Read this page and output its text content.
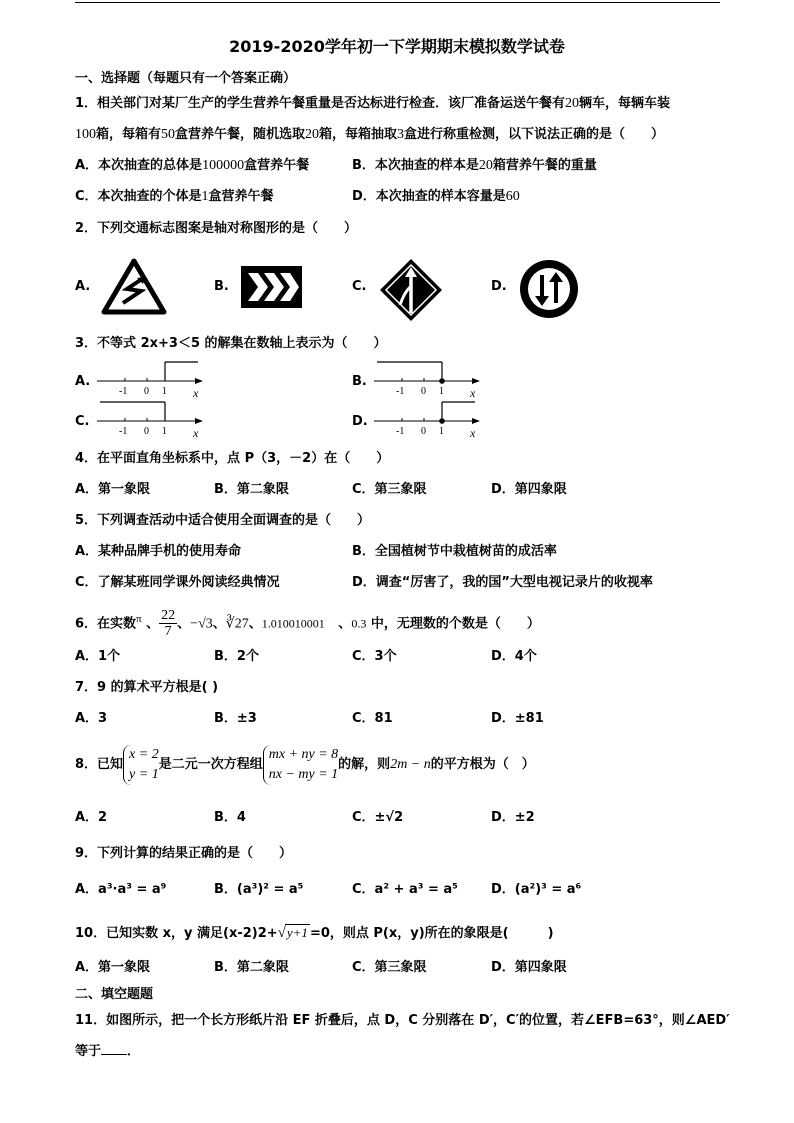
2019-2020学年初一下学期期末模拟数学试卷
一、选择题（每题只有一个答案正确）
1．相关部门对某厂生产的学生营养午餐重量是否达标进行检查．该厂准备运送午餐有20辆车，每辆车装
100箱，每箱有50盒营养午餐，随机选取20箱，每箱抽取3盒进行称重检测，以下说法正确的是（　　）
A．本次抽查的总体是100000盒营养午餐	B．本次抽查的样本是20箱营养午餐的重量
C．本次抽查的个体是1盒营养午餐	D．本次抽查的样本容量是60
2．下列交通标志图案是轴对称图形的是（　　）
A.	B.	C.	D.
3．不等式 2x+3＜5 的解集在数轴上表示为（　　）
A.
-1 0 1 x
B.
-1 0 1 x
C.
-1 0 1 x
D.
-1 0 1 x
4．在平面直角坐标系中，点 P（3，－2）在（　　）
A．第一象限	B．第二象限	C．第三象限	D．第四象限
5．下列调查活动中适合使用全面调查的是（　　）
A．某种品牌手机的使用寿命	B．全国植树节中栽植树苗的成活率
C．了解某班同学课外阅读经典情况	D．调查“厉害了，我的国”大型电视记录片的收视率
6．在实数$^\pi$ 、 $\frac{22}{7}$ 、−√3、∛27、1.010010001 、0.3 中，无理数的个数是（　　）
A．1个	B．2个	C．3个	D．4个
7．9 的算术平方根是( )
A．3	B．±3	C．81	D．±81
8．已知
x = 2
y = 1
是二元一次方程组
mx + ny = 8
nx − my = 1
的解，则2m − n的平方根为（　）
A．2	B．4	C．±√2	D．±2
9．下列计算的结果正确的是（　　）
A．a³·a³ = a⁹	B．(a³)² = a⁵	C．a² + a³ = a⁵	D．(a²)³ = a⁶
10．已知实数 x，y 满足(x-2)2+√y+1 =0，则点 P(x，y)所在的象限是(　　　)
A．第一象限	B．第二象限	C．第三象限	D．第四象限
二、填空题题
11．如图所示，把一个长方形纸片沿 EF 折叠后，点 D，C 分别落在 D′，C′的位置，若∠EFB=63°，则∠AED′
等于 ．
